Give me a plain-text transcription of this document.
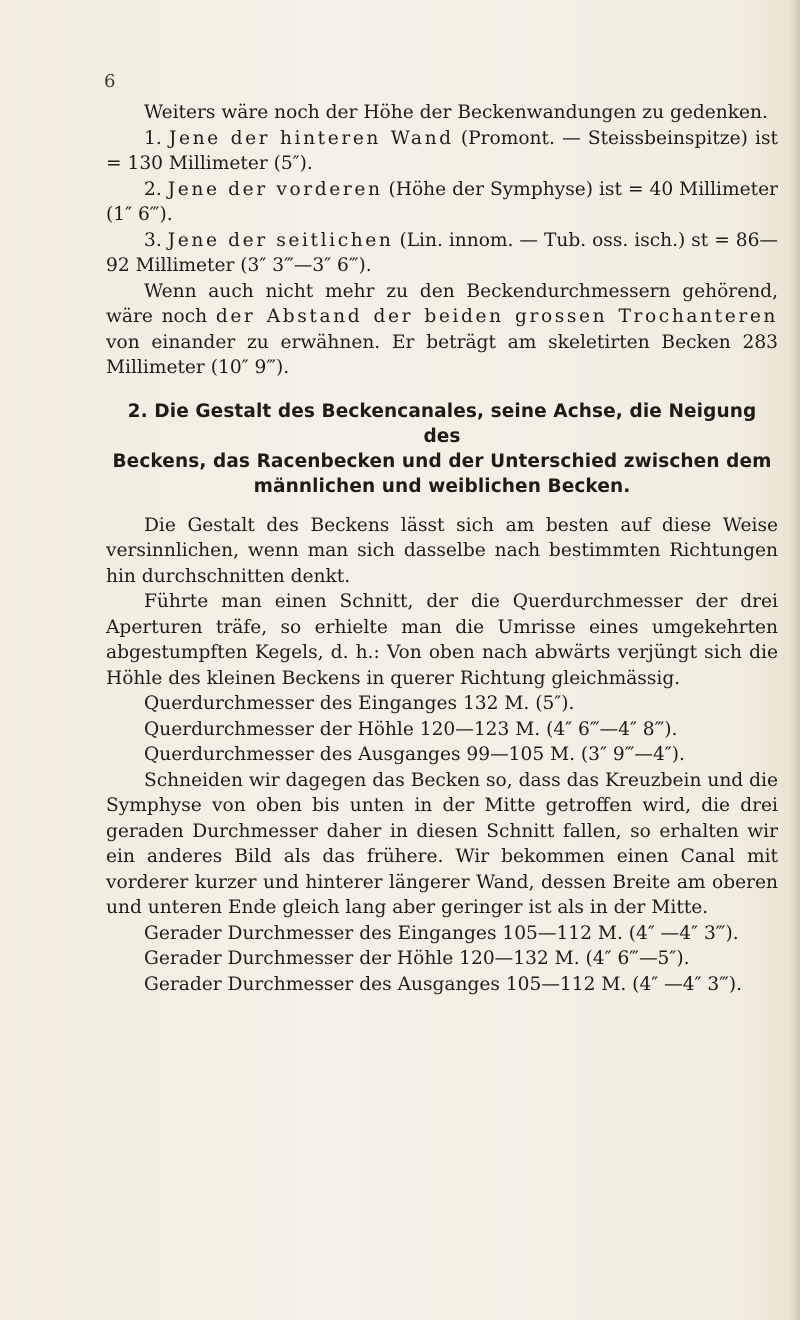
6

Weiters wäre noch der Höhe der Beckenwandungen zu gedenken.

1. Jene der hinteren Wand (Promont. — Steissbeinspitze) ist = 130 Millimeter (5″).

2. Jene der vorderen (Höhe der Symphyse) ist = 40 Millimeter (1″ 6‴).

3. Jene der seitlichen (Lin. innom. — Tub. oss. isch.) st = 86—92 Millimeter (3″ 3‴—3″ 6‴).

Wenn auch nicht mehr zu den Beckendurchmessern gehörend, wäre noch der Abstand der beiden grossen Trochanteren von einander zu erwähnen. Er beträgt am skeletirten Becken 283 Millimeter (10″ 9‴).

2. Die Gestalt des Beckencanales, seine Achse, die Neigung des
Beckens, das Racenbecken und der Unterschied zwischen dem
männlichen und weiblichen Becken.

Die Gestalt des Beckens lässt sich am besten auf diese Weise versinnlichen, wenn man sich dasselbe nach bestimmten Richtungen hin durchschnitten denkt.

Führte man einen Schnitt, der die Querdurchmesser der drei Aperturen träfe, so erhielte man die Umrisse eines umgekehrten abgestumpften Kegels, d. h.: Von oben nach abwärts verjüngt sich die Höhle des kleinen Beckens in querer Richtung gleichmässig.

Querdurchmesser des Einganges 132 M. (5″).

Querdurchmesser der Höhle 120—123 M. (4″ 6‴—4″ 8‴).

Querdurchmesser des Ausganges 99—105 M. (3″ 9‴—4″).

Schneiden wir dagegen das Becken so, dass das Kreuzbein und die Symphyse von oben bis unten in der Mitte getroffen wird, die drei geraden Durchmesser daher in diesen Schnitt fallen, so erhalten wir ein anderes Bild als das frühere. Wir bekommen einen Canal mit vorderer kurzer und hinterer längerer Wand, dessen Breite am oberen und unteren Ende gleich lang aber geringer ist als in der Mitte.

Gerader Durchmesser des Einganges 105—112 M. (4″ —4″ 3‴).

Gerader Durchmesser der Höhle 120—132 M. (4″ 6‴—5″).

Gerader Durchmesser des Ausganges 105—112 M. (4″ —4″ 3‴).
